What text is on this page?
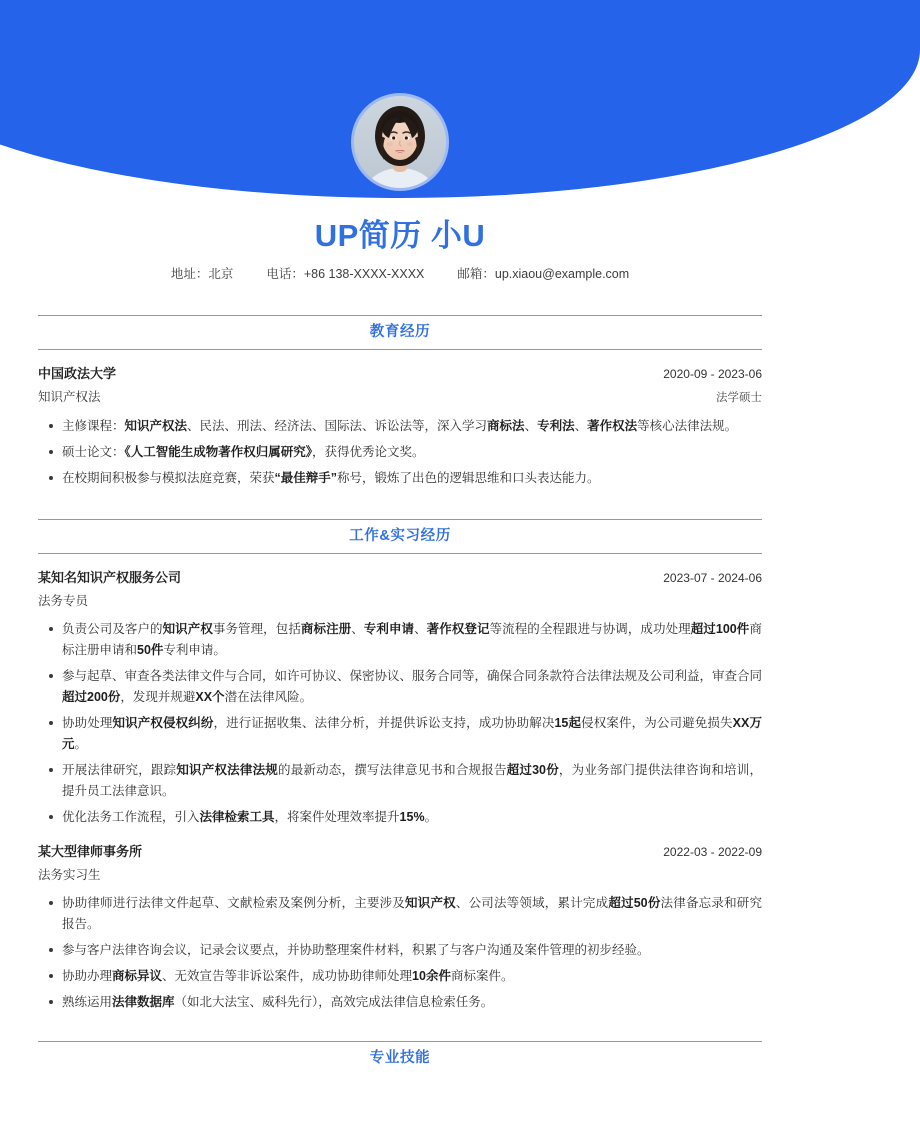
UP简历 小U
地址：北京	电话：+86 138-XXXX-XXXX	邮箱：up.xiaou@example.com
教育经历
中国政法大学	2020-09 - 2023-06
知识产权法	法学硕士
主修课程：知识产权法、民法、刑法、经济法、国际法、诉讼法等，深入学习商标法、专利法、著作权法等核心法律法规。
硕士论文：《人工智能生成物著作权归属研究》，获得优秀论文奖。
在校期间积极参与模拟法庭竞赛，荣获“最佳辩手”称号，锻炼了出色的逻辑思维和口头表达能力。
工作&实习经历
某知名知识产权服务公司	2023-07 - 2024-06
法务专员
负责公司及客户的知识产权事务管理，包括商标注册、专利申请、著作权登记等流程的全程跟进与协调，成功处理超过100件商标注册申请和50件专利申请。
参与起草、审查各类法律文件与合同，如许可协议、保密协议、服务合同等，确保合同条款符合法律法规及公司利益，审查合同超过200份，发现并规避XX个潜在法律风险。
协助处理知识产权侵权纠纷，进行证据收集、法律分析，并提供诉讼支持，成功协助解决15起侵权案件，为公司避免损失XX万元。
开展法律研究，跟踪知识产权法律法规的最新动态，撰写法律意见书和合规报告超过30份，为业务部门提供法律咨询和培训，提升员工法律意识。
优化法务工作流程，引入法律检索工具，将案件处理效率提升15%。
某大型律师事务所	2022-03 - 2022-09
法务实习生
协助律师进行法律文件起草、文献检索及案例分析，主要涉及知识产权、公司法等领域，累计完成超过50份法律备忘录和研究报告。
参与客户法律咨询会议，记录会议要点，并协助整理案件材料，积累了与客户沟通及案件管理的初步经验。
协助办理商标异议、无效宣告等非诉讼案件，成功协助律师处理10余件商标案件。
熟练运用法律数据库（如北大法宝、威科先行），高效完成法律信息检索任务。
专业技能
